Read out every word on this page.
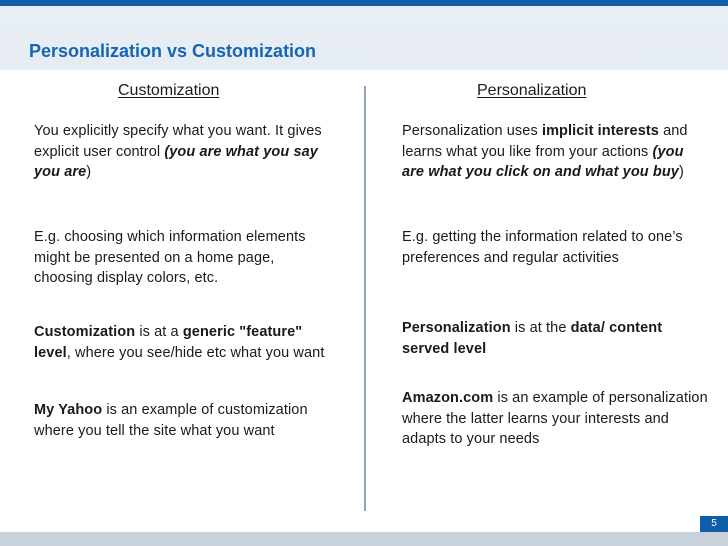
Personalization vs Customization
Customization	Personalization

You explicitly specify what you want. It gives explicit user control (you are what you say you are)

E.g. choosing which information elements might be presented on a home page, choosing display colors, etc.

Customization is at a generic "feature" level, where you see/hide etc what you want

My Yahoo is an example of customization where you tell the site what you want

Personalization uses implicit interests and learns what you like from your actions (you are what you click on and what you buy)

E.g. getting the information related to one’s preferences and regular activities

Personalization is at the data/ content served level

Amazon.com is an example of personalization where the latter learns your interests and adapts to your needs

5
